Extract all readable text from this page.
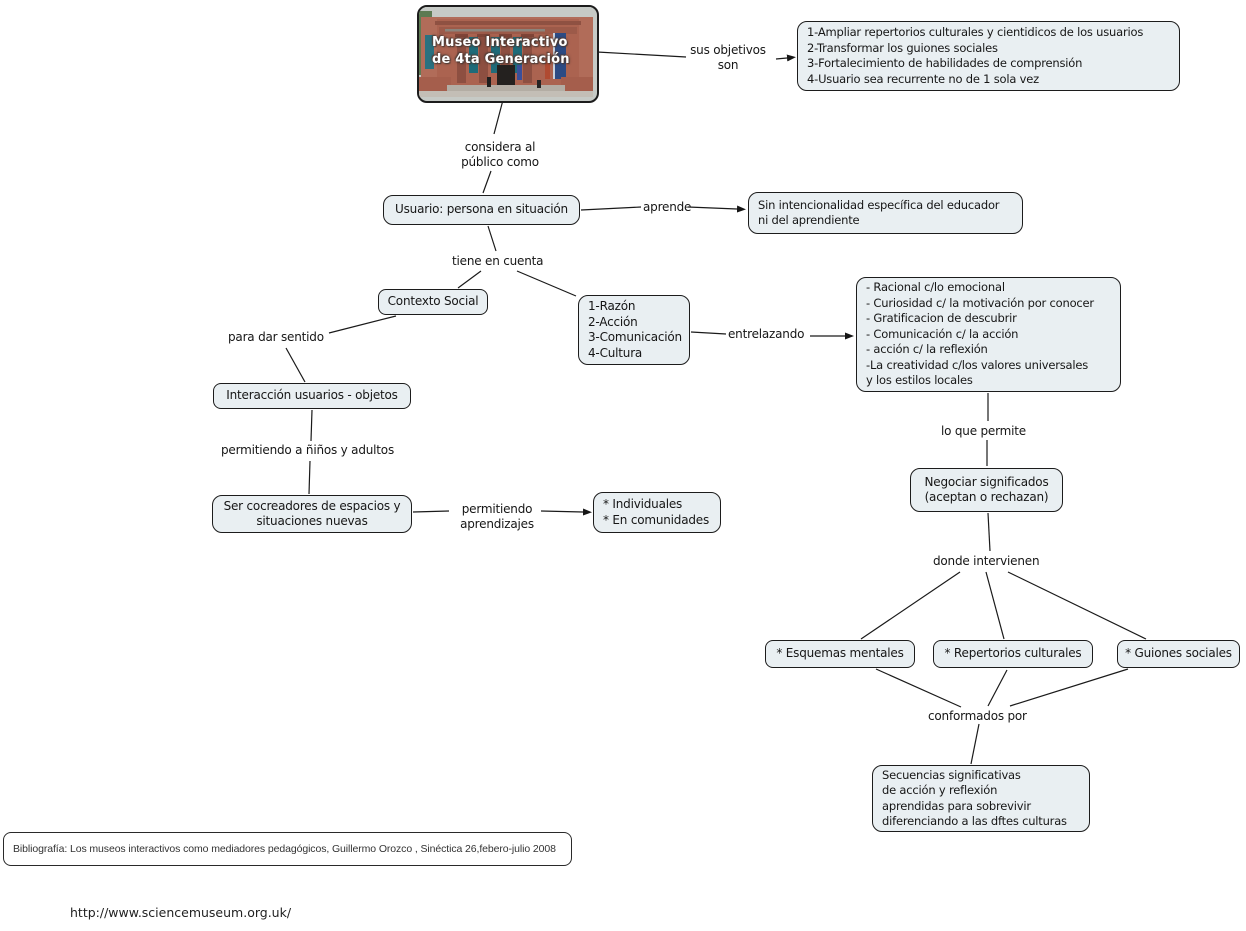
Museo Interactivo
de 4ta Generación
1-Ampliar repertorios culturales y cientidicos de los usuarios
2-Transformar los guiones sociales
3-Fortalecimiento de habilidades de comprensión
4-Usuario sea recurrente no de 1 sola vez
Usuario: persona en situación	Sin intencionalidad específica del educador
ni del aprendiente
Contexto Social	1-Razón
2-Acción
3-Comunicación
4-Cultura
- Racional c/lo emocional
- Curiosidad c/ la motivación por conocer
- Gratificacion de descubrir
- Comunicación c/ la acción
- acción c/ la reflexión
-La creatividad c/los valores universales
y los estilos locales
Interacción usuarios - objetos
Ser cocreadores de espacios y
situaciones nuevas
* Individuales
* En comunidades
Negociar significados
(aceptan o rechazan)
* Esquemas mentales	* Repertorios culturales	* Guiones sociales
Secuencias significativas
de acción y reflexión
aprendidas para sobrevivir
diferenciando a las dftes culturas
sus objetivos
son
considera al
público como
aprende
tiene en cuenta
entrelazando
para dar sentido
permitiendo a ñiños y adultos
permitiendo
aprendizajes
lo que permite
donde intervienen
conformados por
Bibliografía: Los museos interactivos como mediadores pedagógicos, Guillermo Orozco , Sinéctica 26,febero-julio 2008
http://www.sciencemuseum.org.uk/
